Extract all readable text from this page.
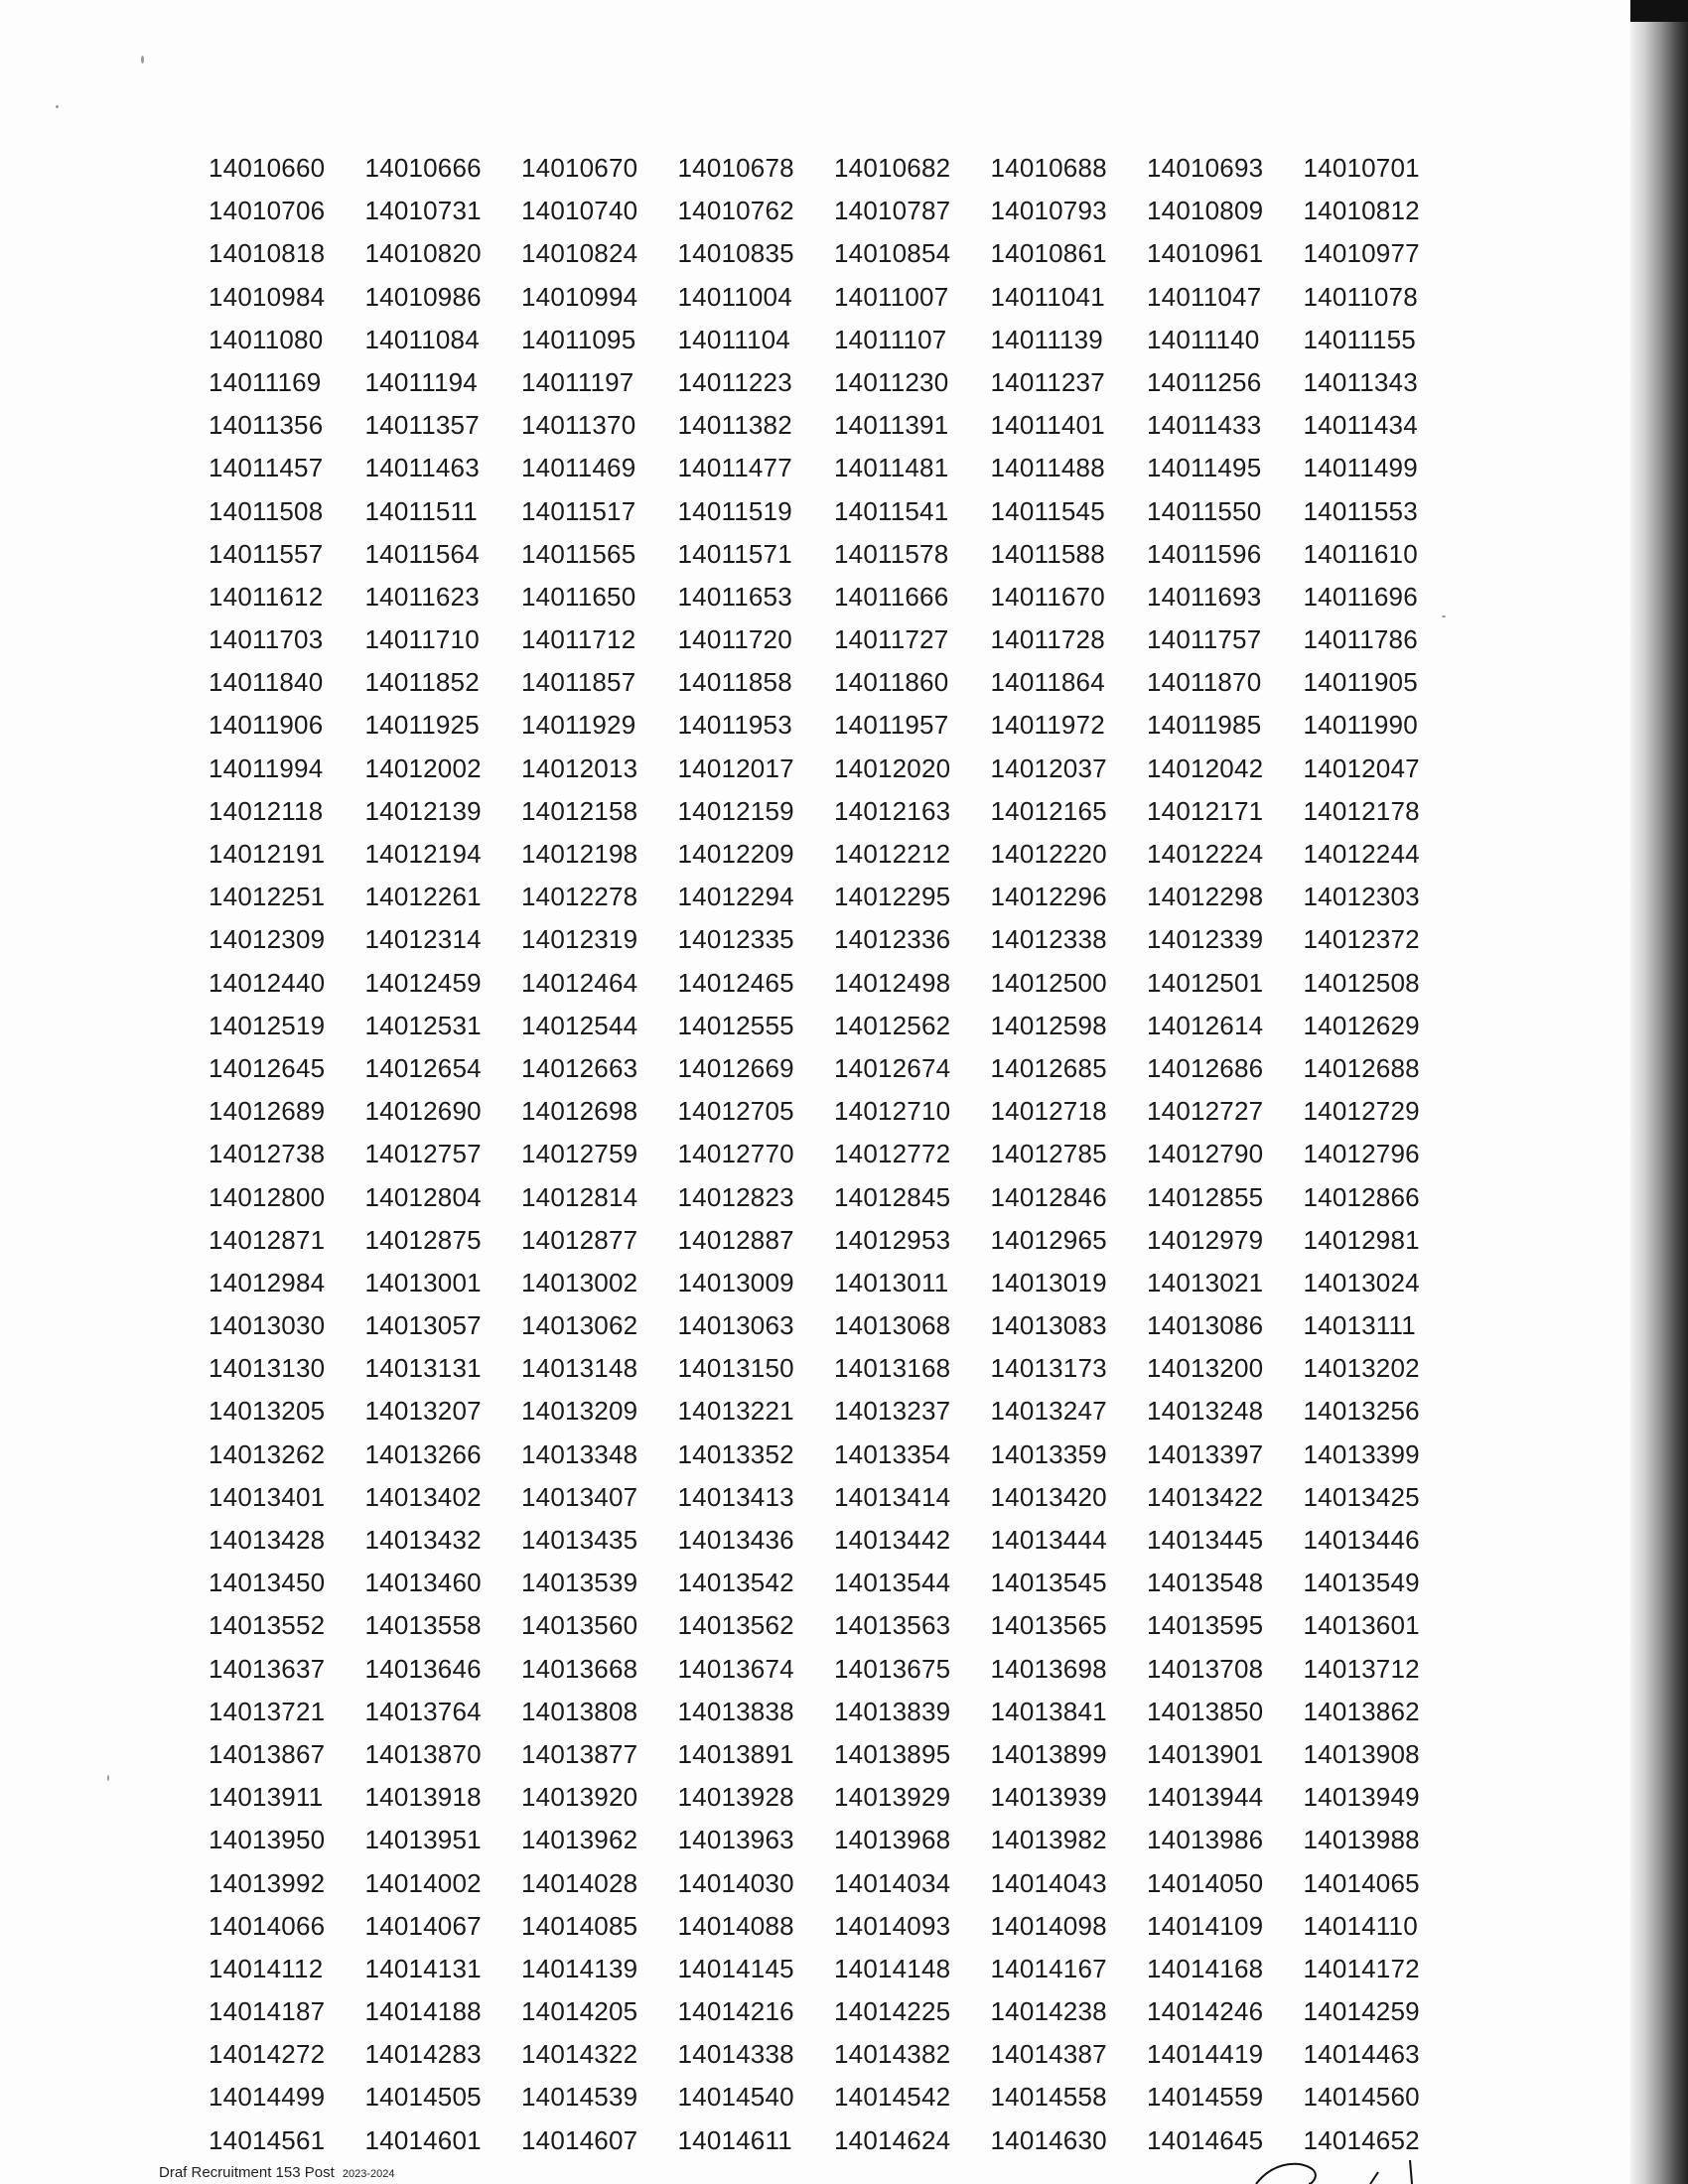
14010660	14010666	14010670	14010678	14010682	14010688	14010693	14010701
14010706	14010731	14010740	14010762	14010787	14010793	14010809	14010812
14010818	14010820	14010824	14010835	14010854	14010861	14010961	14010977
14010984	14010986	14010994	14011004	14011007	14011041	14011047	14011078
14011080	14011084	14011095	14011104	14011107	14011139	14011140	14011155
14011169	14011194	14011197	14011223	14011230	14011237	14011256	14011343
14011356	14011357	14011370	14011382	14011391	14011401	14011433	14011434
14011457	14011463	14011469	14011477	14011481	14011488	14011495	14011499
14011508	14011511	14011517	14011519	14011541	14011545	14011550	14011553
14011557	14011564	14011565	14011571	14011578	14011588	14011596	14011610
14011612	14011623	14011650	14011653	14011666	14011670	14011693	14011696
14011703	14011710	14011712	14011720	14011727	14011728	14011757	14011786
14011840	14011852	14011857	14011858	14011860	14011864	14011870	14011905
14011906	14011925	14011929	14011953	14011957	14011972	14011985	14011990
14011994	14012002	14012013	14012017	14012020	14012037	14012042	14012047
14012118	14012139	14012158	14012159	14012163	14012165	14012171	14012178
14012191	14012194	14012198	14012209	14012212	14012220	14012224	14012244
14012251	14012261	14012278	14012294	14012295	14012296	14012298	14012303
14012309	14012314	14012319	14012335	14012336	14012338	14012339	14012372
14012440	14012459	14012464	14012465	14012498	14012500	14012501	14012508
14012519	14012531	14012544	14012555	14012562	14012598	14012614	14012629
14012645	14012654	14012663	14012669	14012674	14012685	14012686	14012688
14012689	14012690	14012698	14012705	14012710	14012718	14012727	14012729
14012738	14012757	14012759	14012770	14012772	14012785	14012790	14012796
14012800	14012804	14012814	14012823	14012845	14012846	14012855	14012866
14012871	14012875	14012877	14012887	14012953	14012965	14012979	14012981
14012984	14013001	14013002	14013009	14013011	14013019	14013021	14013024
14013030	14013057	14013062	14013063	14013068	14013083	14013086	14013111
14013130	14013131	14013148	14013150	14013168	14013173	14013200	14013202
14013205	14013207	14013209	14013221	14013237	14013247	14013248	14013256
14013262	14013266	14013348	14013352	14013354	14013359	14013397	14013399
14013401	14013402	14013407	14013413	14013414	14013420	14013422	14013425
14013428	14013432	14013435	14013436	14013442	14013444	14013445	14013446
14013450	14013460	14013539	14013542	14013544	14013545	14013548	14013549
14013552	14013558	14013560	14013562	14013563	14013565	14013595	14013601
14013637	14013646	14013668	14013674	14013675	14013698	14013708	14013712
14013721	14013764	14013808	14013838	14013839	14013841	14013850	14013862
14013867	14013870	14013877	14013891	14013895	14013899	14013901	14013908
14013911	14013918	14013920	14013928	14013929	14013939	14013944	14013949
14013950	14013951	14013962	14013963	14013968	14013982	14013986	14013988
14013992	14014002	14014028	14014030	14014034	14014043	14014050	14014065
14014066	14014067	14014085	14014088	14014093	14014098	14014109	14014110
14014112	14014131	14014139	14014145	14014148	14014167	14014168	14014172
14014187	14014188	14014205	14014216	14014225	14014238	14014246	14014259
14014272	14014283	14014322	14014338	14014382	14014387	14014419	14014463
14014499	14014505	14014539	14014540	14014542	14014558	14014559	14014560
14014561	14014601	14014607	14014611	14014624	14014630	14014645	14014652
Draf Recruitment 153 Post 2023-2024
